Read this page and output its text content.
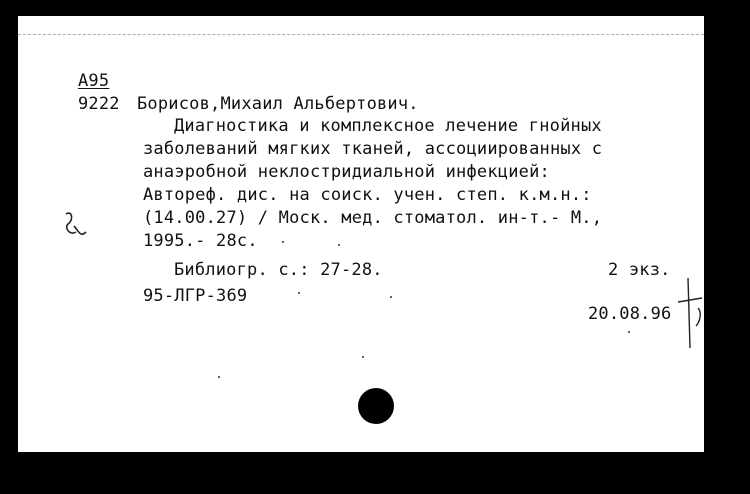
А95
9222 Борисов,Михаил Альбертович.
Диагностика и комплексное лечение гнойных
заболеваний мягких тканей, ассоциированных с
анаэробной неклостридиальной инфекцией:
Автореф. дис. на соиск. учен. степ. к.м.н.:
(14.00.27) / Моск. мед. стоматол. ин-т.- М.,
1995.- 28с.
Библиогр. с.: 27-28.	2 экз.
95-ЛГР-369
20.08.96
